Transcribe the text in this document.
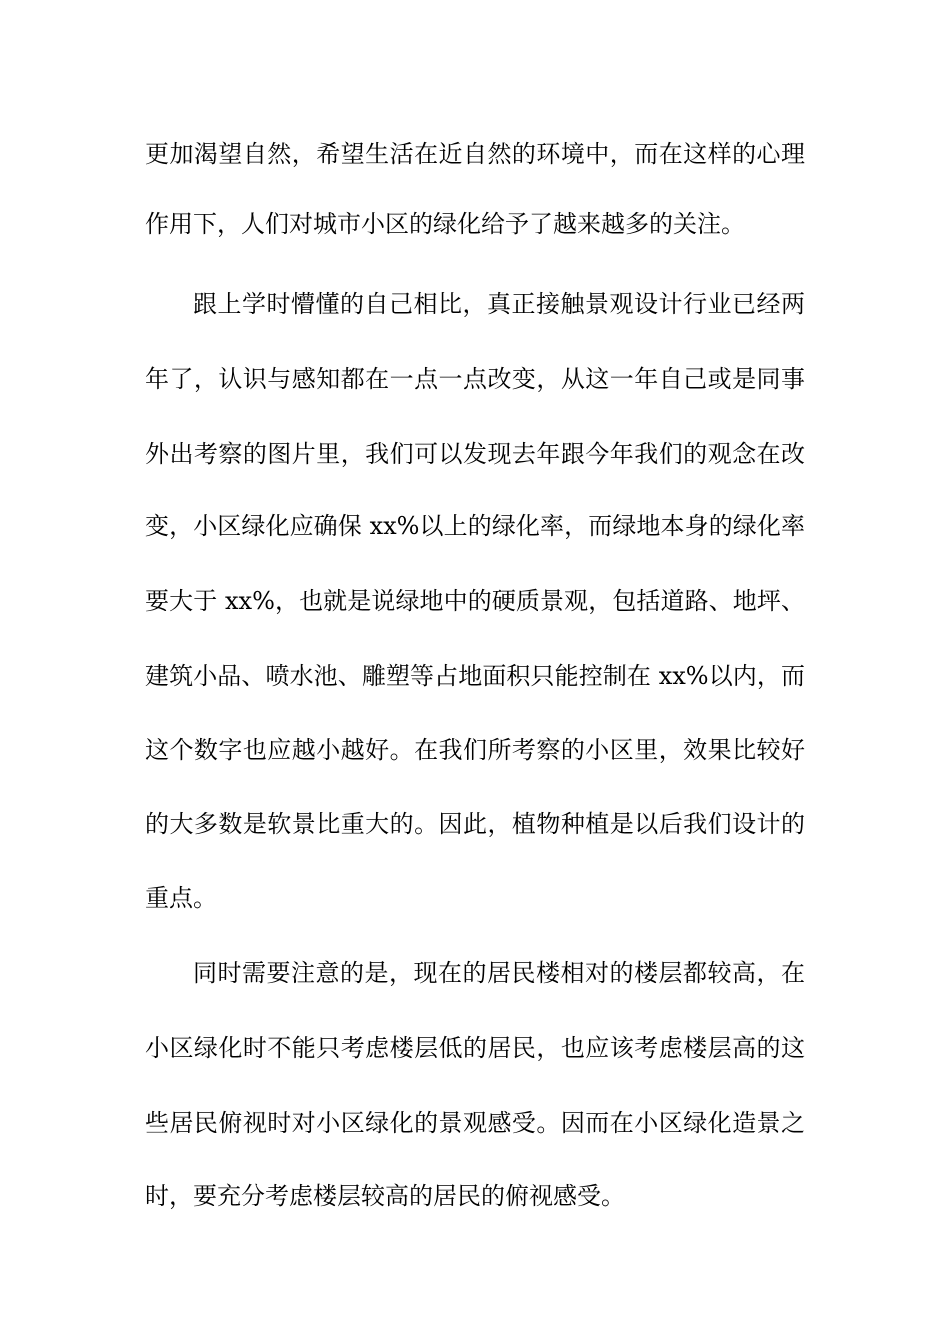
更加渴望自然，希望生活在近自然的环境中，而在这样的心理
作用下，人们对城市小区的绿化给予了越来越多的关注。
跟上学时懵懂的自己相比，真正接触景观设计行业已经两
年了，认识与感知都在一点一点改变，从这一年自己或是同事
外出考察的图片里，我们可以发现去年跟今年我们的观念在改
变，小区绿化应确保 xx%以上的绿化率，而绿地本身的绿化率
要大于 xx%，也就是说绿地中的硬质景观，包括道路、地坪、
建筑小品、喷水池、雕塑等占地面积只能控制在 xx%以内，而
这个数字也应越小越好。在我们所考察的小区里，效果比较好
的大多数是软景比重大的。因此，植物种植是以后我们设计的
重点。
同时需要注意的是，现在的居民楼相对的楼层都较高，在
小区绿化时不能只考虑楼层低的居民，也应该考虑楼层高的这
些居民俯视时对小区绿化的景观感受。因而在小区绿化造景之
时，要充分考虑楼层较高的居民的俯视感受。
